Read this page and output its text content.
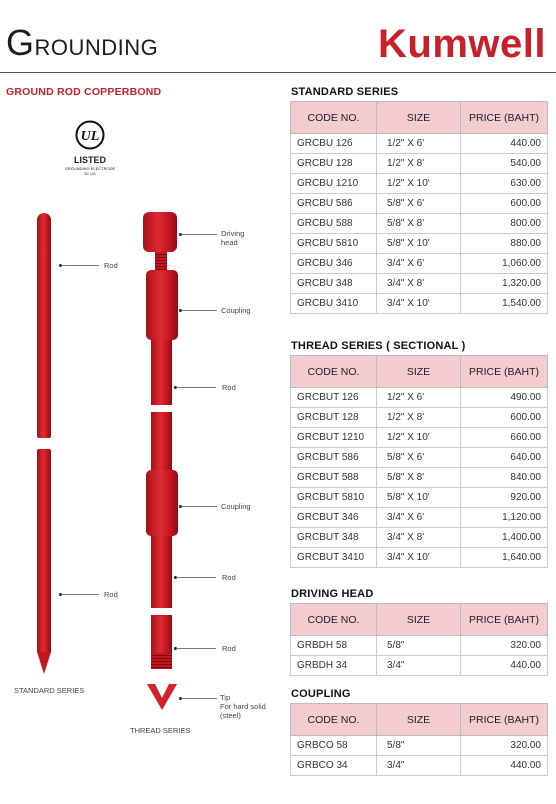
GROUNDING	Kumwell
GROUND ROD COPPERBOND
UL
LISTED
GROUNDING ELECTRODE
32 UG
Rod
Rod
STANDARD SERIES
Driving
head
Coupling
Rod
Coupling
Rod
Rod
Tip
For hard solid
(steel)
THREAD SERIES
STANDARD SERIES
CODE NO.	SIZE	PRICE (BAHT)
GRCBU 126	1/2" X 6'	440.00
GRCBU 128	1/2" X 8'	540.00
GRCBU 1210	1/2" X 10'	630.00
GRCBU 586	5/8" X 6'	600.00
GRCBU 588	5/8" X 8'	800.00
GRCBU 5810	5/8" X 10'	880.00
GRCBU 346	3/4" X 6'	1,060.00
GRCBU 348	3/4" X 8'	1,320.00
GRCBU 3410	3/4" X 10'	1,540.00
THREAD SERIES ( SECTIONAL )
CODE NO.	SIZE	PRICE (BAHT)
GRCBUT 126	1/2" X 6'	490.00
GRCBUT 128	1/2" X 8'	600.00
GRCBUT 1210	1/2" X 10'	660.00
GRCBUT 586	5/8" X 6'	640.00
GRCBUT 588	5/8" X 8'	840.00
GRCBUT 5810	5/8" X 10'	920.00
GRCBUT 346	3/4" X 6'	1,120.00
GRCBUT 348	3/4" X 8'	1,400.00
GRCBUT 3410	3/4" X 10'	1,640.00
DRIVING HEAD
CODE NO.	SIZE	PRICE (BAHT)
GRBDH 58	5/8"	320.00
GRBDH 34	3/4"	440.00
COUPLING
CODE NO.	SIZE	PRICE (BAHT)
GRBCO 58	5/8"	320.00
GRBCO 34	3/4"	440.00
